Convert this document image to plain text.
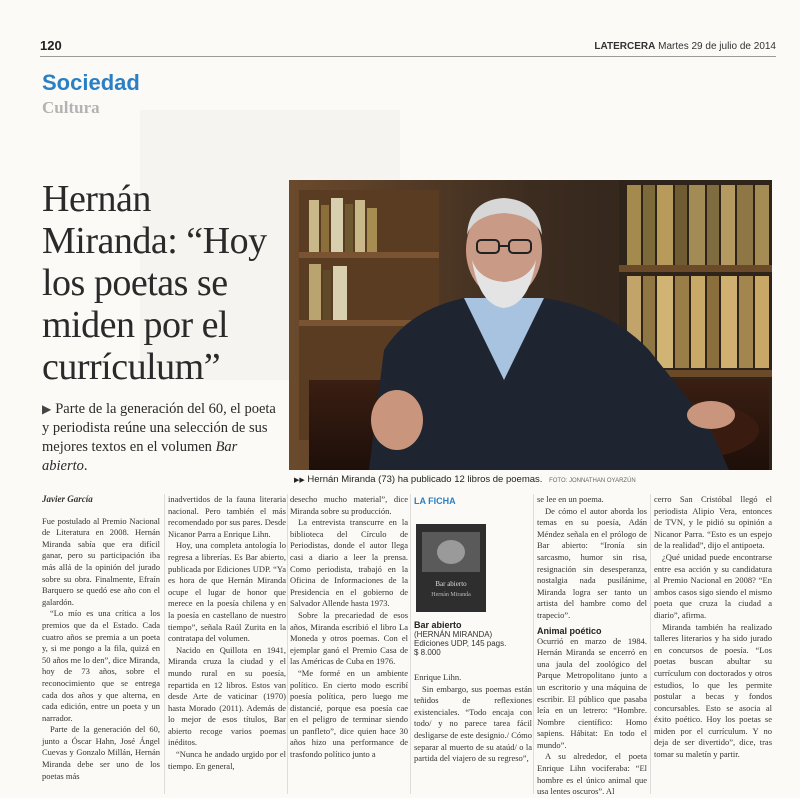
120	LATERCERA Martes 29 de julio de 2014
Sociedad
Cultura
Hernán Miranda: “Hoy los poetas se miden por el currículum”
▶ Parte de la generación del 60, el poeta y periodista reúne una selección de sus mejores textos en el volumen Bar abierto.
▶▶ Hernán Miranda (73) ha publicado 12 libros de poemas. FOTO: JONNATHAN OYARZÚN

Javier García

Fue postulado al Premio Nacional de Literatura en 2008. Hernán Miranda sabía que era difícil ganar, pero su participación iba más allá de la opinión del jurado sobre su obra. Finalmente, Efraín Barquero se quedó ese año con el galardón.

“Lo mío es una crítica a los premios que da el Estado. Cada cuatro años se premia a un poeta y, si me pongo a la fila, quizá en 50 años me lo den”, dice Miranda, hoy de 73 años, sobre el reconocimiento que se entrega cada dos años y que alterna, en cada edición, entre un poeta y un narrador.

Parte de la generación del 60, junto a Óscar Hahn, José Ángel Cuevas y Gonzalo Millán, Hernán Miranda debe ser uno de los poetas más

inadvertidos de la fauna literaria nacional. Pero también el más recomendado por sus pares. Desde Nicanor Parra a Enrique Lihn.

Hoy, una completa antología lo regresa a librerías. Es Bar abierto, publicada por Ediciones UDP. “Ya es hora de que Hernán Miranda ocupe el lugar de honor que merece en la poesía chilena y en la poesía en castellano de nuestro tiempo”, señala Raúl Zurita en la contratapa del volumen.

Nacido en Quillota en 1941, Miranda cruza la ciudad y el mundo rural en su poesía, repartida en 12 libros. Estos van desde Arte de vaticinar (1970) hasta Morado (2011). Además de lo mejor de esos títulos, Bar abierto recoge varios poemas inéditos.

“Nunca he andado urgido por el tiempo. En general,

desecho mucho material”, dice Miranda sobre su producción.

La entrevista transcurre en la biblioteca del Círculo de Periodistas, donde el autor llega casi a diario a leer la prensa. Como periodista, trabajó en la Oficina de Informaciones de la Presidencia en el gobierno de Salvador Allende hasta 1973.

Sobre la precariedad de esos años, Miranda escribió el libro La Moneda y otros poemas. Con el ejemplar ganó el Premio Casa de las Américas de Cuba en 1976.

“Me formé en un ambiente político. En cierto modo escribí poesía política, pero luego me distancié, porque esa poesía cae en el peligro de terminar siendo un panfleto”, dice quien hace 30 años hizo una performance de trasfondo político junto a

LA FICHA
Bar abierto
Hernán Miranda
Bar abierto
(HERNÁN MIRANDA)
Ediciones UDP, 145 pags.
$ 8.000

Enrique Lihn.

Sin embargo, sus poemas están teñidos de reflexiones existenciales. “Todo encaja con todo/ y no parece tarea fácil desligarse de este designio./ Cómo separar al muerto de su ataúd/ o la partida del viajero de su regreso”,

se lee en un poema.

De cómo el autor aborda los temas en su poesía, Adán Méndez señala en el prólogo de Bar abierto: “Ironía sin sarcasmo, humor sin risa, resignación sin desesperanza, nostalgia nada pusilánime, Miranda logra ser tanto un artista del hambre como del trapecio”.

Animal poético

Ocurrió en marzo de 1984. Hernán Miranda se encerró en una jaula del zoológico del Parque Metropolitano junto a un escritorio y una máquina de escribir. El público que pasaba leía en un letrero: “Hombre. Nombre científico: Homo sapiens. Hábitat: En todo el mundo”.

A su alrededor, el poeta Enrique Lihn vociferaba: “El hombre es el único animal que usa lentes oscuros”. Al

cerro San Cristóbal llegó el periodista Alipio Vera, entonces de TVN, y le pidió su opinión a Nicanor Parra. “Esto es un espejo de la realidad”, dijo el antipoeta.

¿Qué unidad puede encontrarse entre esa acción y su candidatura al Premio Nacional en 2008? “En ambos casos sigo siendo el mismo poeta que cruza la ciudad a diario”, afirma.

Miranda también ha realizado talleres literarios y ha sido jurado en concursos de poesía. “Los poetas buscan abultar su currículum con doctorados y otros estudios, lo que les permite postular a becas y fondos concursables. Esto se asocia al éxito poético. Hoy los poetas se miden por el currículum. Y no deja de ser divertido”, dice, tras tomar su maletín y partir.
